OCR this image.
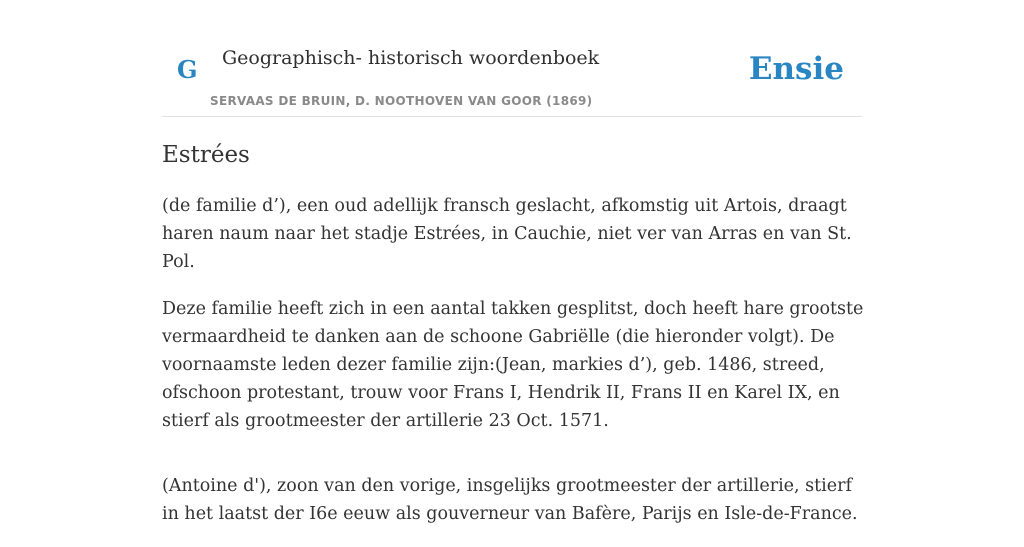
G Geographisch- historisch woordenboek
SERVAAS DE BRUIN, D. NOOTHOVEN VAN GOOR (1869)
Ensie
Estrées

(de familie d’), een oud adellijk fransch geslacht, afkomstig uit Artois, draagt haren naum naar het stadje Estrées, in Cauchie, niet ver van Arras en van St. Pol.

Deze familie heeft zich in een aantal takken gesplitst, doch heeft hare grootste vermaardheid te danken aan de schoone Gabriëlle (die hieronder volgt). De voornaamste leden dezer familie zijn:(Jean, markies d’), geb. 1486, streed, ofschoon protestant, trouw voor Frans I, Hendrik II, Frans II en Karel IX, en stierf als grootmeester der artillerie 23 Oct. 1571.

(Antoine d'), zoon van den vorige, insgelijks grootmeester der artillerie, stierf in het laatst der I6e eeuw als gouverneur van Bafère, Parijs en Isle-de-France.
